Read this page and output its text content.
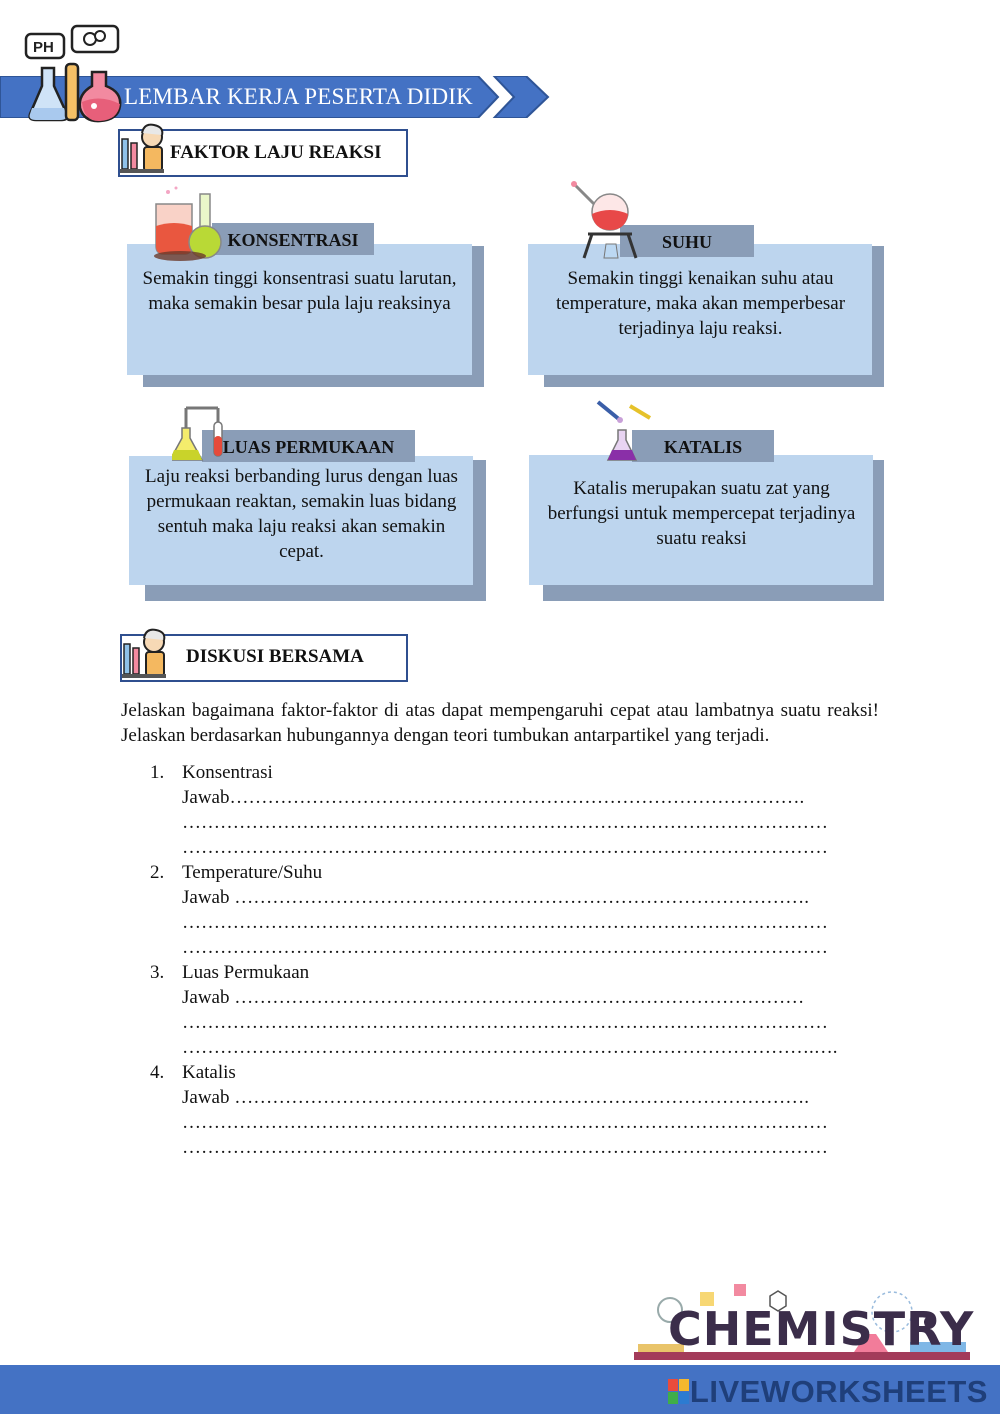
LEMBAR KERJA PESERTA DIDIK
PH
FAKTOR LAJU REAKSI
KONSENTRASI
Semakin tinggi konsentrasi suatu larutan, maka semakin besar pula laju reaksinya
SUHU
Semakin tinggi kenaikan suhu atau temperature, maka akan memperbesar terjadinya laju reaksi.
LUAS PERMUKAAN
Laju reaksi berbanding lurus dengan luas permukaan reaktan, semakin luas bidang sentuh maka laju reaksi akan semakin cepat.
KATALIS
Katalis merupakan suatu zat yang berfungsi untuk mempercepat terjadinya suatu reaksi
DISKUSI BERSAMA
Jelaskan bagaimana faktor-faktor di atas dapat mempengaruhi cepat atau lambatnya suatu reaksi! Jelaskan berdasarkan hubungannya dengan teori tumbukan antarpartikel yang terjadi.
1. Konsentrasi
Jawab……………………………………………………………………………….
…………………………………………………………………………………………
…………………………………………………………………………………………
2. Temperature/Suhu
Jawab ……………………………………………………………………………….
…………………………………………………………………………………………
…………………………………………………………………………………………
3. Luas Permukaan
Jawab ………………………………………………………………………………
…………………………………………………………………………………………
……………………………………………………………………………………….….
4. Katalis
Jawab ……………………………………………………………………………….
…………………………………………………………………………………………
…………………………………………………………………………………………
CHEMISTRY
LIVEWORKSHEETS
